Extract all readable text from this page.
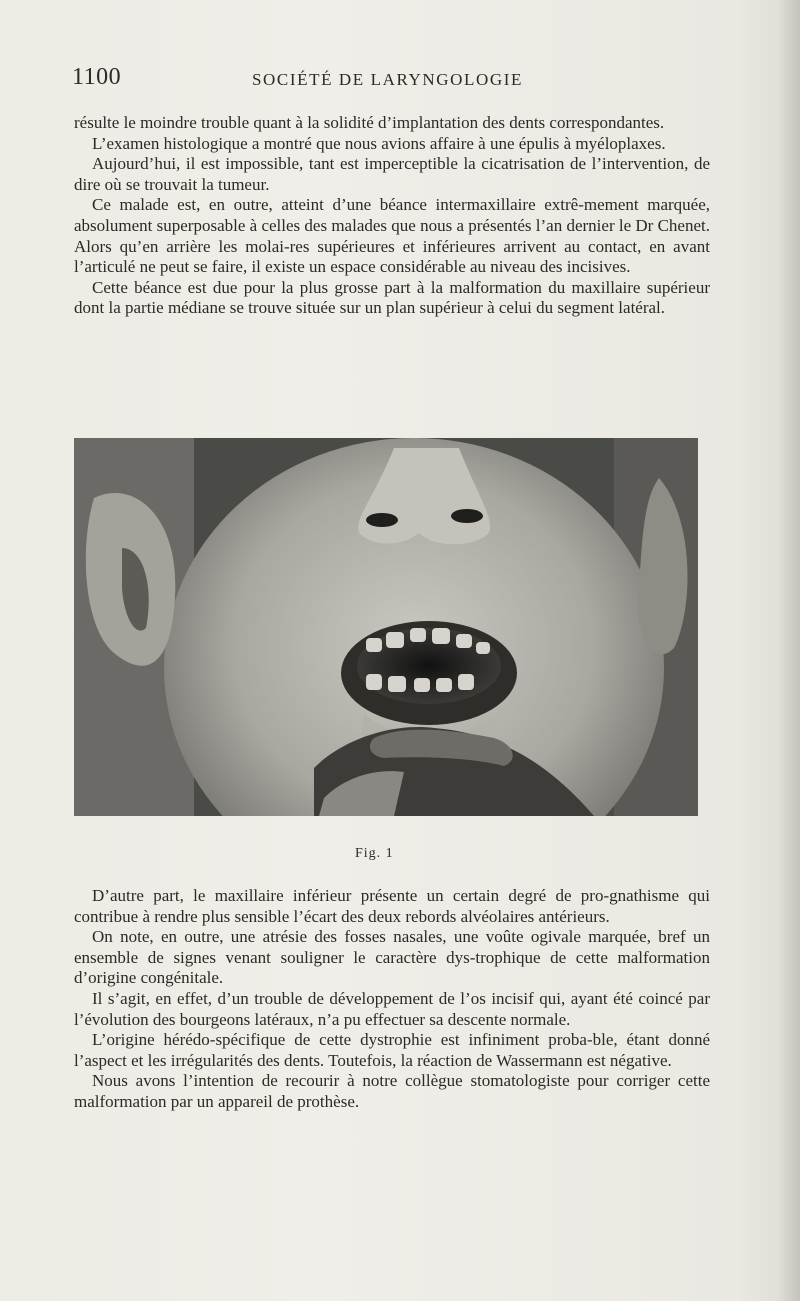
1100	SOCIÉTÉ DE LARYNGOLOGIE

résulte le moindre trouble quant à la solidité d’implantation des dents correspondantes.

L’examen histologique a montré que nous avions affaire à une épulis à myéloplaxes.

Aujourd’hui, il est impossible, tant est imperceptible la cicatrisation de l’intervention, de dire où se trouvait la tumeur.

Ce malade est, en outre, atteint d’une béance intermaxillaire extrê-mement marquée, absolument superposable à celles des malades que nous a présentés l’an dernier le Dr Chenet. Alors qu’en arrière les molai-res supérieures et inférieures arrivent au contact, en avant l’articulé ne peut se faire, il existe un espace considérable au niveau des incisives.

Cette béance est due pour la plus grosse part à la malformation du maxillaire supérieur dont la partie médiane se trouve située sur un plan supérieur à celui du segment latéral.

Fig. 1

D’autre part, le maxillaire inférieur présente un certain degré de pro-gnathisme qui contribue à rendre plus sensible l’écart des deux rebords alvéolaires antérieurs.

On note, en outre, une atrésie des fosses nasales, une voûte ogivale marquée, bref un ensemble de signes venant souligner le caractère dys-trophique de cette malformation d’origine congénitale.

Il s’agit, en effet, d’un trouble de développement de l’os incisif qui, ayant été coincé par l’évolution des bourgeons latéraux, n’a pu effectuer sa descente normale.

L’origine hérédo-spécifique de cette dystrophie est infiniment proba-ble, étant donné l’aspect et les irrégularités des dents. Toutefois, la réaction de Wassermann est négative.

Nous avons l’intention de recourir à notre collègue stomatologiste pour corriger cette malformation par un appareil de prothèse.
